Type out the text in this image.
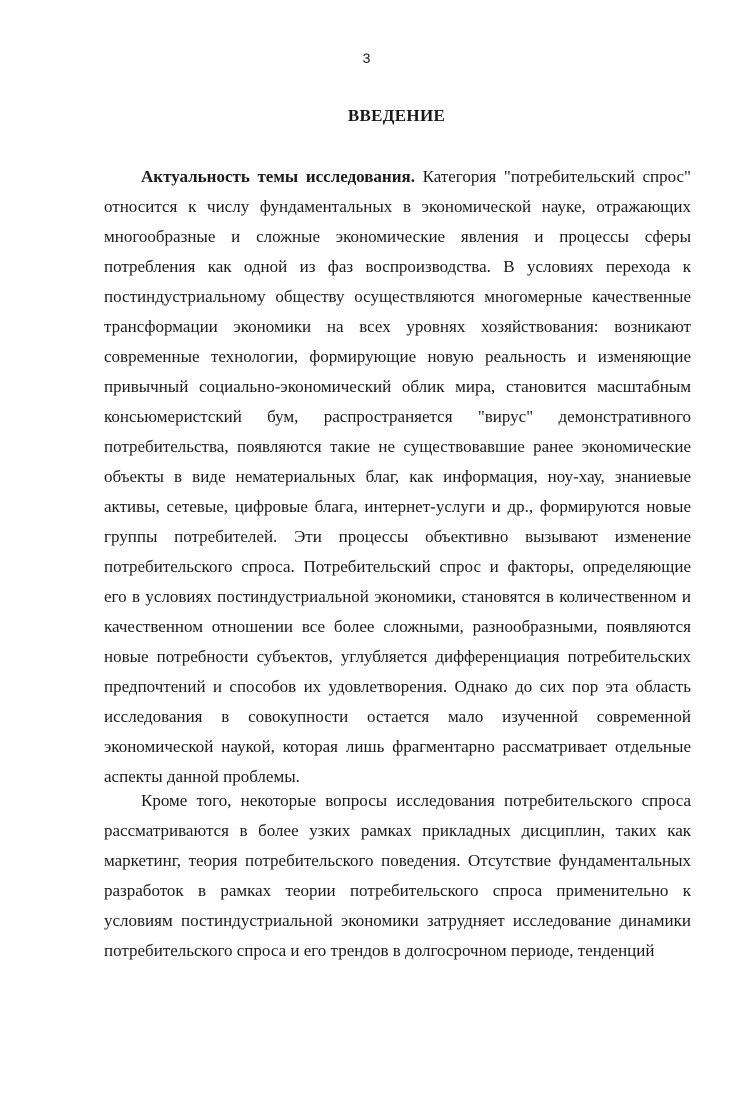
3
ВВЕДЕНИЕ

Актуальность темы исследования. Категория "потребительский спрос" относится к числу фундаментальных в экономической науке, отражающих многообразные и сложные экономические явления и процессы сферы потребления как одной из фаз воспроизводства. В условиях перехода к постиндустриальному обществу осуществляются многомерные качественные трансформации экономики на всех уровнях хозяйствования: возникают современные технологии, формирующие новую реальность и изменяющие привычный социально-экономический облик мира, становится масштабным консьюмеристский бум, распространяется "вирус" демонстративного потребительства, появляются такие не существовавшие ранее экономические объекты в виде нематериальных благ, как информация, ноу-хау, знаниевые активы, сетевые, цифровые блага, интернет-услуги и др., формируются новые группы потребителей. Эти процессы объективно вызывают изменение потребительского спроса. Потребительский спрос и факторы, определяющие его в условиях постиндустриальной экономики, становятся в количественном и качественном отношении все более сложными, разнообразными, появляются новые потребности субъектов, углубляется дифференциация потребительских предпочтений и способов их удовлетворения. Однако до сих пор эта область исследования в совокупности остается мало изученной современной экономической наукой, которая лишь фрагментарно рассматривает отдельные аспекты данной проблемы.

Кроме того, некоторые вопросы исследования потребительского спроса рассматриваются в более узких рамках прикладных дисциплин, таких как маркетинг, теория потребительского поведения. Отсутствие фундаментальных разработок в рамках теории потребительского спроса применительно к условиям постиндустриальной экономики затрудняет исследование динамики потребительского спроса и его трендов в долгосрочном периоде, тенденций
